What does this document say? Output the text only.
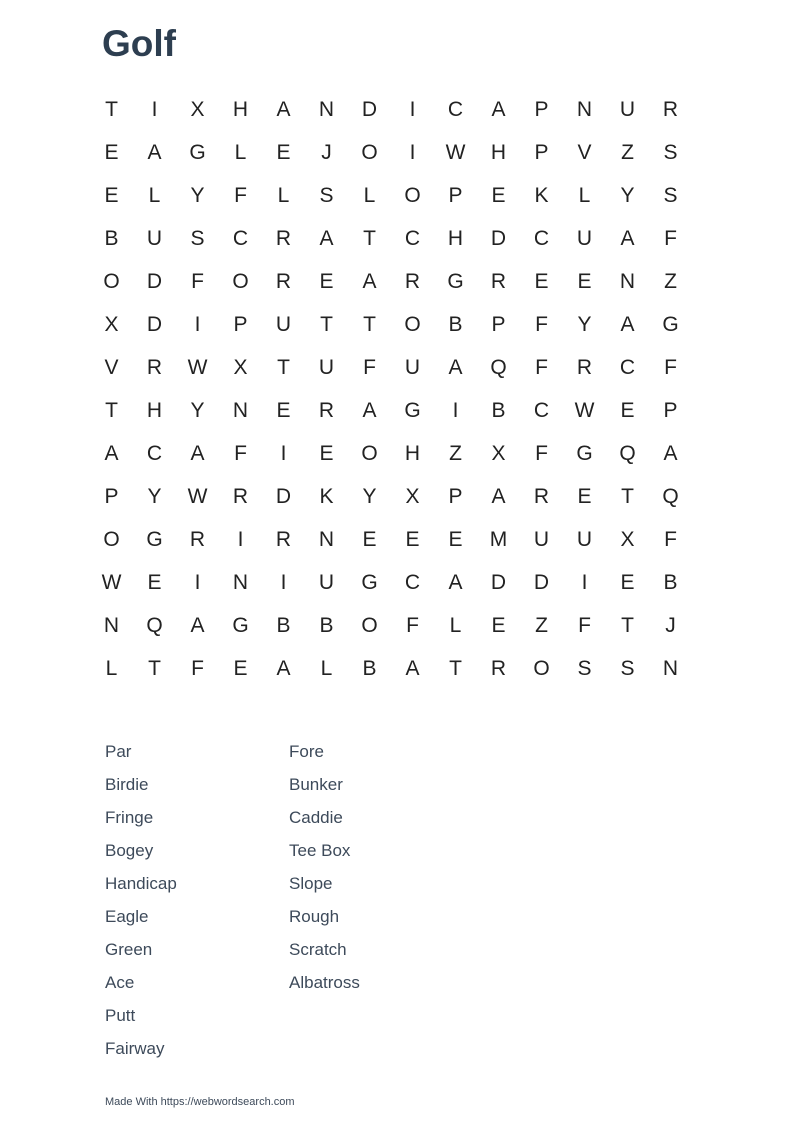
Golf
T	I	X	H	A	N	D	I	C	A	P	N	U	R
E	A	G	L	E	J	O	I	W	H	P	V	Z	S
E	L	Y	F	L	S	L	O	P	E	K	L	Y	S
B	U	S	C	R	A	T	C	H	D	C	U	A	F
O	D	F	O	R	E	A	R	G	R	E	E	N	Z
X	D	I	P	U	T	T	O	B	P	F	Y	A	G
V	R	W	X	T	U	F	U	A	Q	F	R	C	F
T	H	Y	N	E	R	A	G	I	B	C	W	E	P
A	C	A	F	I	E	O	H	Z	X	F	G	Q	A
P	Y	W	R	D	K	Y	X	P	A	R	E	T	Q
O	G	R	I	R	N	E	E	E	M	U	U	X	F
W	E	I	N	I	U	G	C	A	D	D	I	E	B
N	Q	A	G	B	B	O	F	L	E	Z	F	T	J
L	T	F	E	A	L	B	A	T	R	O	S	S	N
Par
Birdie
Fringe
Bogey
Handicap
Eagle
Green
Ace
Putt
Fairway
Fore
Bunker
Caddie
Tee Box
Slope
Rough
Scratch
Albatross
Made With https://webwordsearch.com
